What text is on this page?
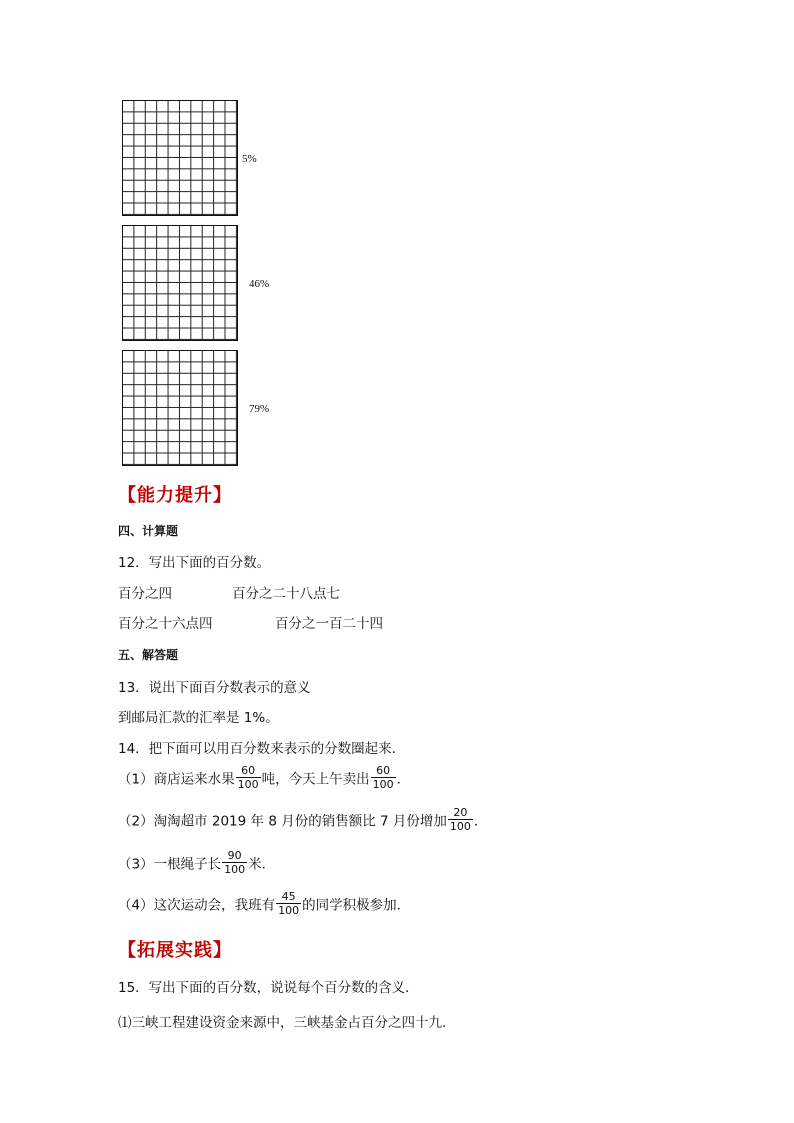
5%
46%
79%
【能力提升】
四、计算题
12．写出下面的百分数。
百分之四	百分之二十八点七
百分之十六点四	百分之一百二十四
五、解答题
13．说出下面百分数表示的意义
到邮局汇款的汇率是 1%。
14．把下面可以用百分数来表示的分数圈起来．
（1）商店运来水果 $\frac{60}{100}$ 吨，今天上午卖出 $\frac{60}{100}$ ．
（2）淘淘超市 2019 年 8 月份的销售额比 7 月份增加 $\frac{20}{100}$ ．
（3）一根绳子长 $\frac{90}{100}$ 米．
（4）这次运动会，我班有 $\frac{45}{100}$ 的同学积极参加．
【拓展实践】
15．写出下面的百分数，说说每个百分数的含义．
⑴三峡工程建设资金来源中，三峡基金占百分之四十九．
